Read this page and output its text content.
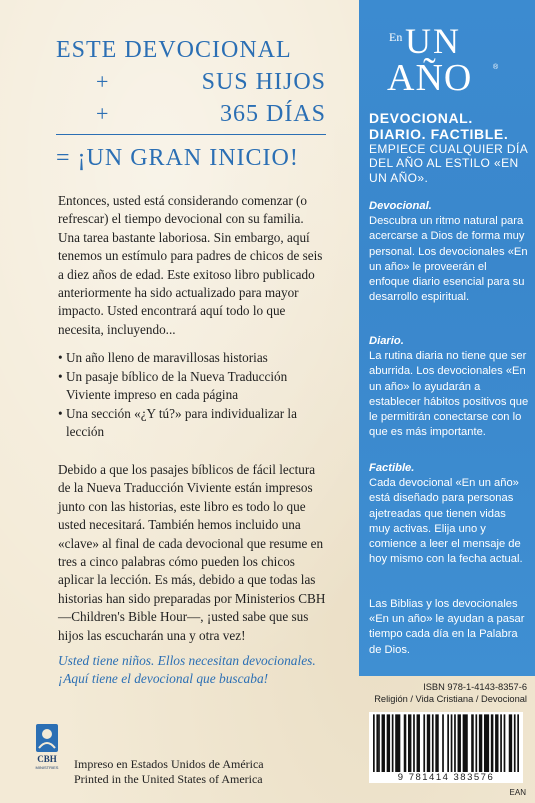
ESTE DEVOCIONAL
+	SUS HIJOS
+	365 DÍAS
= ¡UN GRAN INICIO!

Entonces, usted está considerando comenzar (o refrescar) el tiempo devocional con su familia. Una tarea bastante laboriosa. Sin embargo, aquí tenemos un estímulo para padres de chicos de seis a diez años de edad. Este exitoso libro publicado anteriormente ha sido actualizado para mayor impacto. Usted encontrará aquí todo lo que necesita, incluyendo...

• Un año lleno de maravillosas historias
• Un pasaje bíblico de la Nueva Traducción Viviente impreso en cada página
• Una sección «¿Y tú?» para individualizar la lección

Debido a que los pasajes bíblicos de fácil lectura de la Nueva Traducción Viviente están impresos junto con las historias, este libro es todo lo que usted necesitará. También hemos incluido una «clave» al final de cada devocional que resume en tres a cinco palabras cómo pueden los chicos aplicar la lección. Es más, debido a que todas las historias han sido preparadas por Ministerios CBH —Children's Bible Hour—, ¡usted sabe que sus hijos las escucharán una y otra vez!

Usted tiene niños. Ellos necesitan devocionales. ¡Aquí tiene el devocional que buscaba!

CBH
MINISTRIES Impreso en Estados Unidos de América
Printed in the United States of America
En UN
AÑO	®
DEVOCIONAL. DIARIO. FACTIBLE.
EMPIECE CUALQUIER DÍA DEL AÑO AL ESTILO «EN UN AÑO».
Devocional.
Descubra un ritmo natural para acercarse a Dios de forma muy personal. Los devocionales «En un año» le proveerán el enfoque diario esencial para su desarrollo espiritual.
Diario.
La rutina diaria no tiene que ser aburrida. Los devocionales «En un año» lo ayudarán a establecer hábitos positivos que le permitirán conectarse con lo que es más importante.
Factible.
Cada devocional «En un año» está diseñado para personas ajetreadas que tienen vidas muy activas. Elija uno y comience a leer el mensaje de hoy mismo con la fecha actual.
Las Biblias y los devocionales «En un año» le ayudan a pasar tiempo cada día en la Palabra de Dios.
ISBN 978-1-4143-8357-6
Religión / Vida Cristiana / Devocional
9 781414 383576
EAN
